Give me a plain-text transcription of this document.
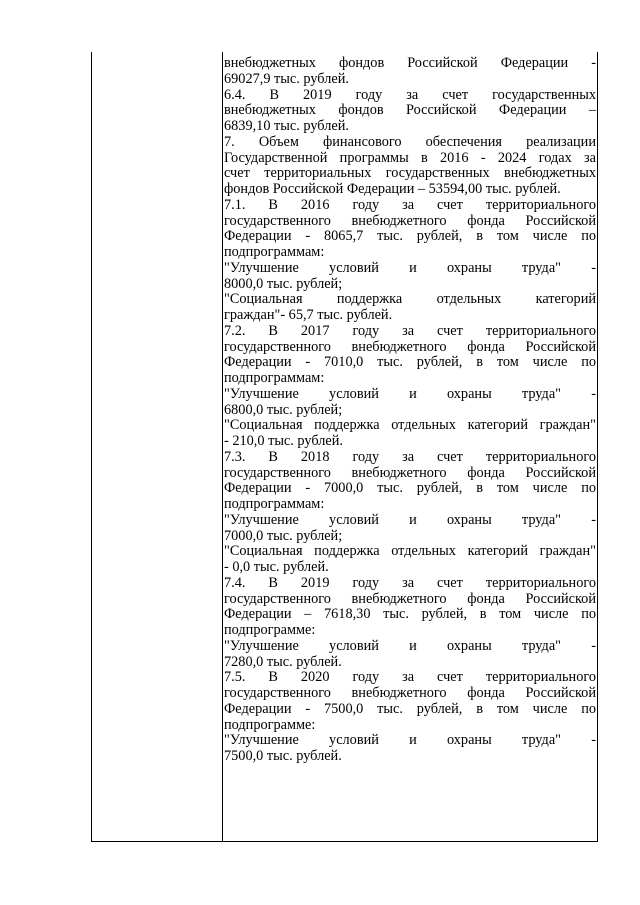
внебюджетных фондов Российской Федерации -

69027,9 тыс. рублей.

6.4. В 2019 году за счет государственных

внебюджетных фондов Российской Федерации –

6839,10 тыс. рублей.

7. Объем финансового обеспечения реализации

Государственной программы в 2016 - 2024 годах за

счет территориальных государственных внебюджетных

фондов Российской Федерации – 53594,00 тыс. рублей.

7.1. В 2016 году за счет территориального

государственного внебюджетного фонда Российской

Федерации - 8065,7 тыс. рублей, в том числе по

подпрограммам:

"Улучшение условий и охраны труда" -

8000,0 тыс. рублей;

"Социальная поддержка отдельных категорий

граждан"- 65,7 тыс. рублей.

7.2. В 2017 году за счет территориального

государственного внебюджетного фонда Российской

Федерации - 7010,0 тыс. рублей, в том числе по

подпрограммам:

"Улучшение условий и охраны труда" -

6800,0 тыс. рублей;

"Социальная поддержка отдельных категорий граждан"

- 210,0 тыс. рублей.

7.3. В 2018 году за счет территориального

государственного внебюджетного фонда Российской

Федерации - 7000,0 тыс. рублей, в том числе по

подпрограммам:

"Улучшение условий и охраны труда" -

7000,0 тыс. рублей;

"Социальная поддержка отдельных категорий граждан"

- 0,0 тыс. рублей.

7.4. В 2019 году за счет территориального

государственного внебюджетного фонда Российской

Федерации – 7618,30 тыс. рублей, в том числе по

подпрограмме:

"Улучшение условий и охраны труда" -

7280,0 тыс. рублей.

7.5. В 2020 году за счет территориального

государственного внебюджетного фонда Российской

Федерации - 7500,0 тыс. рублей, в том числе по

подпрограмме:

"Улучшение условий и охраны труда" -

7500,0 тыс. рублей.
